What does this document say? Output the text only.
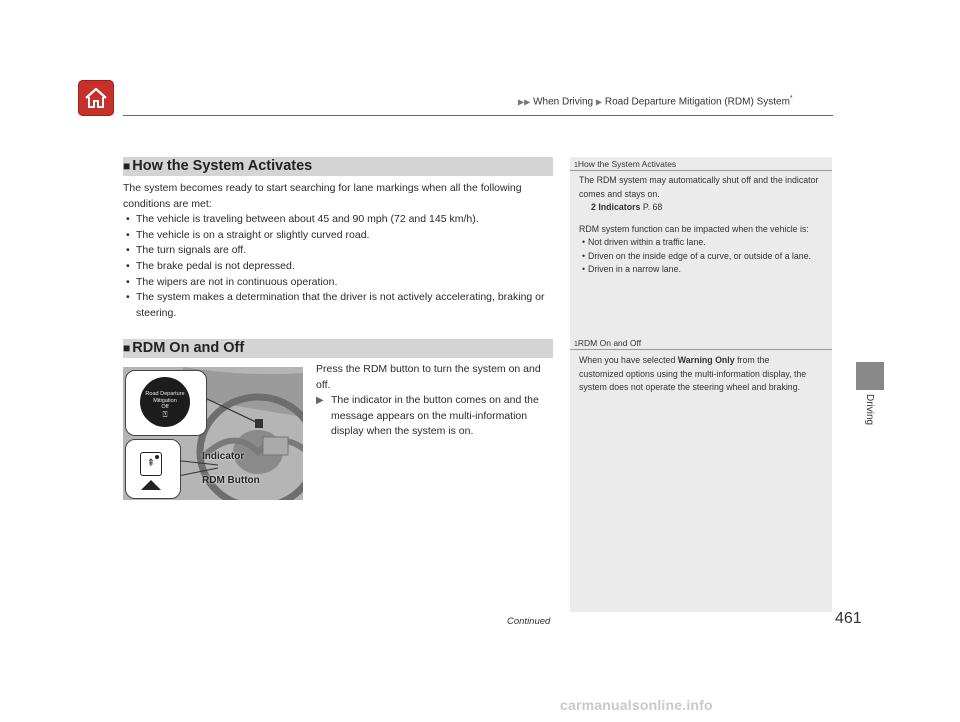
▶▶ When Driving ▶ Road Departure Mitigation (RDM) System*
Driving
■ How the System Activates
The system becomes ready to start searching for lane markings when all the following conditions are met:
• The vehicle is traveling between about 45 and 90 mph (72 and 145 km/h).
• The vehicle is on a straight or slightly curved road.
• The turn signals are off.
• The brake pedal is not depressed.
• The wipers are not in continuous operation.
• The system makes a determination that the driver is not actively accelerating, braking or steering.
■ RDM On and Off
Road Departure
Mitigation
Off
⍰
⇞
Indicator
RDM Button
Press the RDM button to turn the system on and off.
▶ The indicator in the button comes on and the message appears on the multi-information display when the system is on.
1How the System Activates
The RDM system may automatically shut off and the indicator comes and stays on.
2 Indicators P. 68
RDM system function can be impacted when the vehicle is:
• Not driven within a traffic lane.
• Driven on the inside edge of a curve, or outside of a lane.
• Driven in a narrow lane.
1RDM On and Off
When you have selected Warning Only from the customized options using the multi-information display, the system does not operate the steering wheel and braking.
Continued	461
carmanualsonline.info
